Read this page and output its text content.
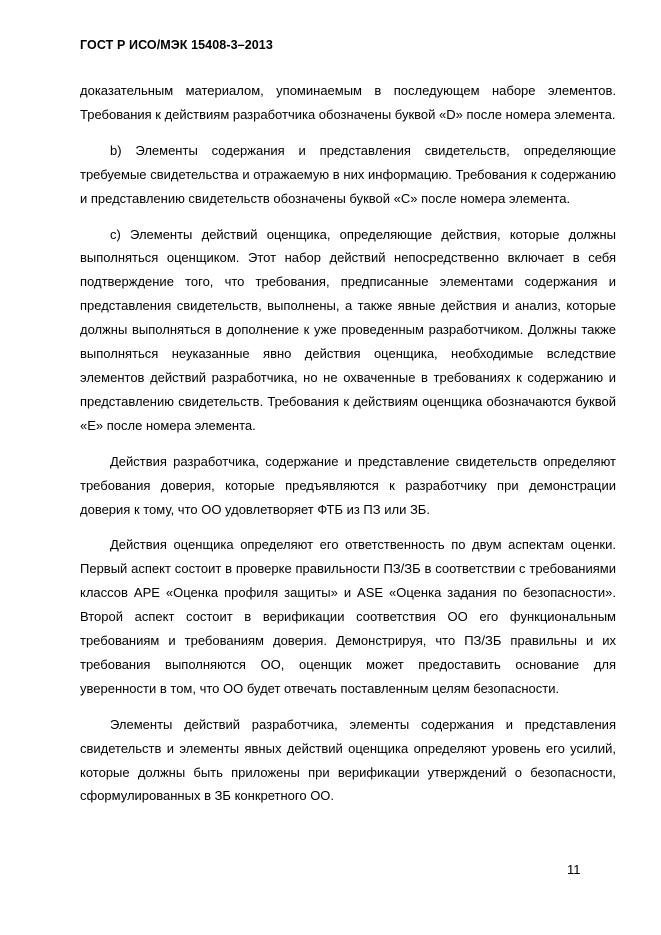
ГОСТ Р ИСО/МЭК 15408-3–2013

доказательным материалом, упоминаемым в последующем наборе элементов. Требования к действиям разработчика обозначены буквой «D» после номера элемента.

b) Элементы содержания и представления свидетельств, определяющие требуемые свидетельства и отражаемую в них информацию. Требования к содержанию и представлению свидетельств обозначены буквой «С» после номера элемента.

c) Элементы действий оценщика, определяющие действия, которые должны выполняться оценщиком. Этот набор действий непосредственно включает в себя подтверждение того, что требования, предписанные элементами содержания и представления свидетельств, выполнены, а также явные действия и анализ, которые должны выполняться в дополнение к уже проведенным разработчиком. Должны также выполняться неуказанные явно действия оценщика, необходимые вследствие элементов действий разработчика, но не охваченные в требованиях к содержанию и представлению свидетельств. Требования к действиям оценщика обозначаются буквой «Е» после номера элемента.

Действия разработчика, содержание и представление свидетельств определяют требования доверия, которые предъявляются к разработчику при демонстрации доверия к тому, что ОО удовлетворяет ФТБ из ПЗ или ЗБ.

Действия оценщика определяют его ответственность по двум аспектам оценки. Первый аспект состоит в проверке правильности ПЗ/ЗБ в соответствии с требованиями классов АРЕ «Оценка профиля защиты» и ASE «Оценка задания по безопасности». Второй аспект состоит в верификации соответствия ОО его функциональным требованиям и требованиям доверия. Демонстрируя, что ПЗ/ЗБ правильны и их требования выполняются ОО, оценщик может предоставить основание для уверенности в том, что ОО будет отвечать поставленным целям безопасности.

Элементы действий разработчика, элементы содержания и представления свидетельств и элементы явных действий оценщика определяют уровень его усилий, которые должны быть приложены при верификации утверждений о безопасности, сформулированных в ЗБ конкретного ОО.

11
